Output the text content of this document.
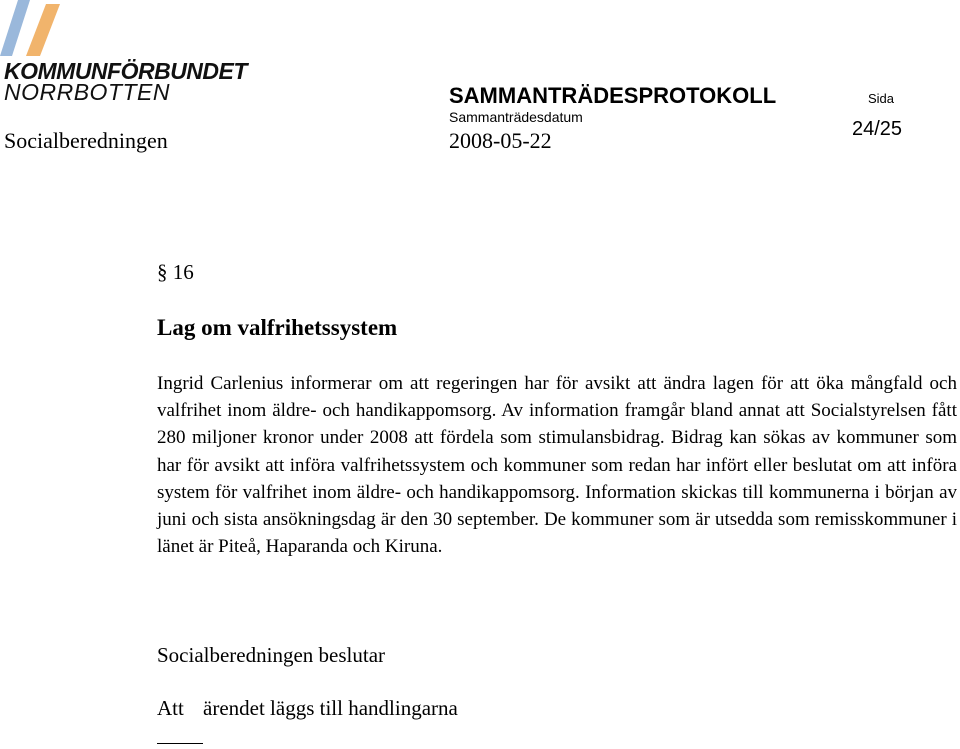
KOMMUNFÖRBUNDET
NORRBOTTEN	SAMMANTRÄDESPROTOKOLL	Sida
Sammanträdesdatum
Socialberedningen	2008-05-22	24/25
§ 16
Lag om valfrihetssystem
Ingrid Carlenius informerar om att regeringen har för avsikt att ändra lagen för att öka mångfald och valfrihet inom äldre- och handikappomsorg. Av information framgår bland annat att Socialstyrelsen fått 280 miljoner kronor under 2008 att fördela som stimulansbidrag. Bidrag kan sökas av kommuner som har för avsikt att införa valfrihetssystem och kommuner som redan har infört eller beslutat om att införa system för valfrihet inom äldre- och handikappomsorg. Information skickas till kommunerna i början av juni och sista ansökningsdag är den 30 september. De kommuner som är utsedda som remisskommuner i länet är Piteå, Haparanda och Kiruna.
Socialberedningen beslutar
Att ärendet läggs till handlingarna
